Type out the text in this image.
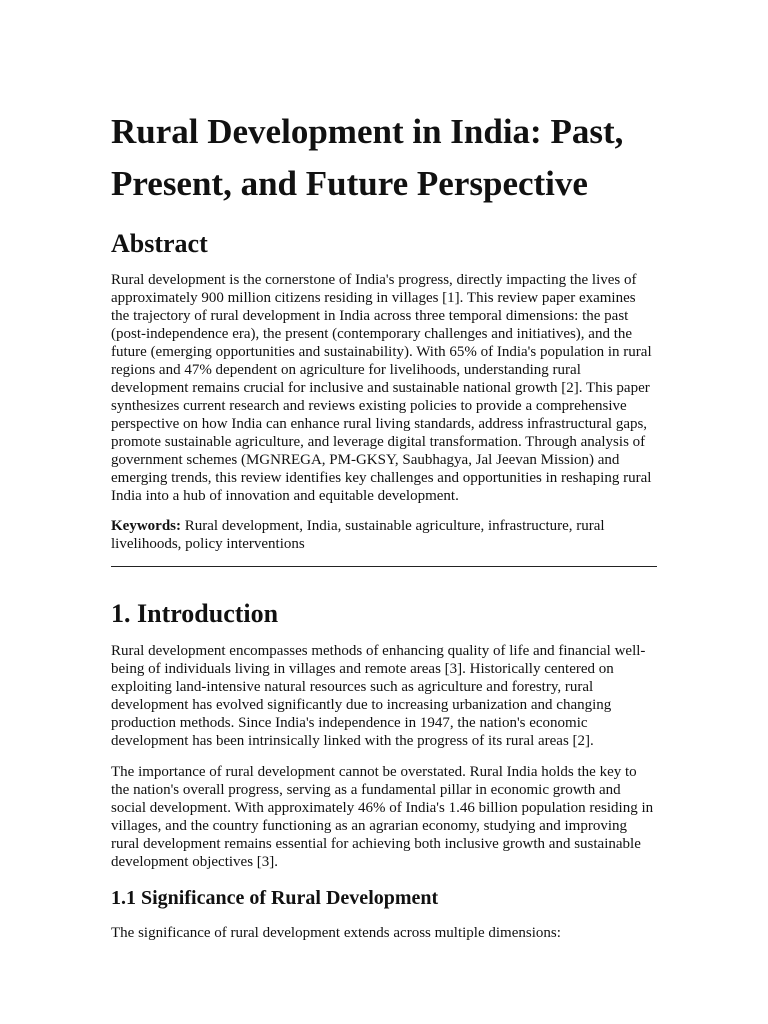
Rural Development in India: Past, Present, and Future Perspective
Abstract

Rural development is the cornerstone of India's progress, directly impacting the lives of approximately 900 million citizens residing in villages [1]. This review paper examines the trajectory of rural development in India across three temporal dimensions: the past (post-independence era), the present (contemporary challenges and initiatives), and the future (emerging opportunities and sustainability). With 65% of India's population in rural regions and 47% dependent on agriculture for livelihoods, understanding rural development remains crucial for inclusive and sustainable national growth [2]. This paper synthesizes current research and reviews existing policies to provide a comprehensive perspective on how India can enhance rural living standards, address infrastructural gaps, promote sustainable agriculture, and leverage digital transformation. Through analysis of government schemes (MGNREGA, PM-GKSY, Saubhagya, Jal Jeevan Mission) and emerging trends, this review identifies key challenges and opportunities in reshaping rural India into a hub of innovation and equitable development.

Keywords: Rural development, India, sustainable agriculture, infrastructure, rural livelihoods, policy interventions

1. Introduction

Rural development encompasses methods of enhancing quality of life and financial well-being of individuals living in villages and remote areas [3]. Historically centered on exploiting land-intensive natural resources such as agriculture and forestry, rural development has evolved significantly due to increasing urbanization and changing production methods. Since India's independence in 1947, the nation's economic development has been intrinsically linked with the progress of its rural areas [2].

The importance of rural development cannot be overstated. Rural India holds the key to the nation's overall progress, serving as a fundamental pillar in economic growth and social development. With approximately 46% of India's 1.46 billion population residing in villages, and the country functioning as an agrarian economy, studying and improving rural development remains essential for achieving both inclusive growth and sustainable development objectives [3].

1.1 Significance of Rural Development

The significance of rural development extends across multiple dimensions:
